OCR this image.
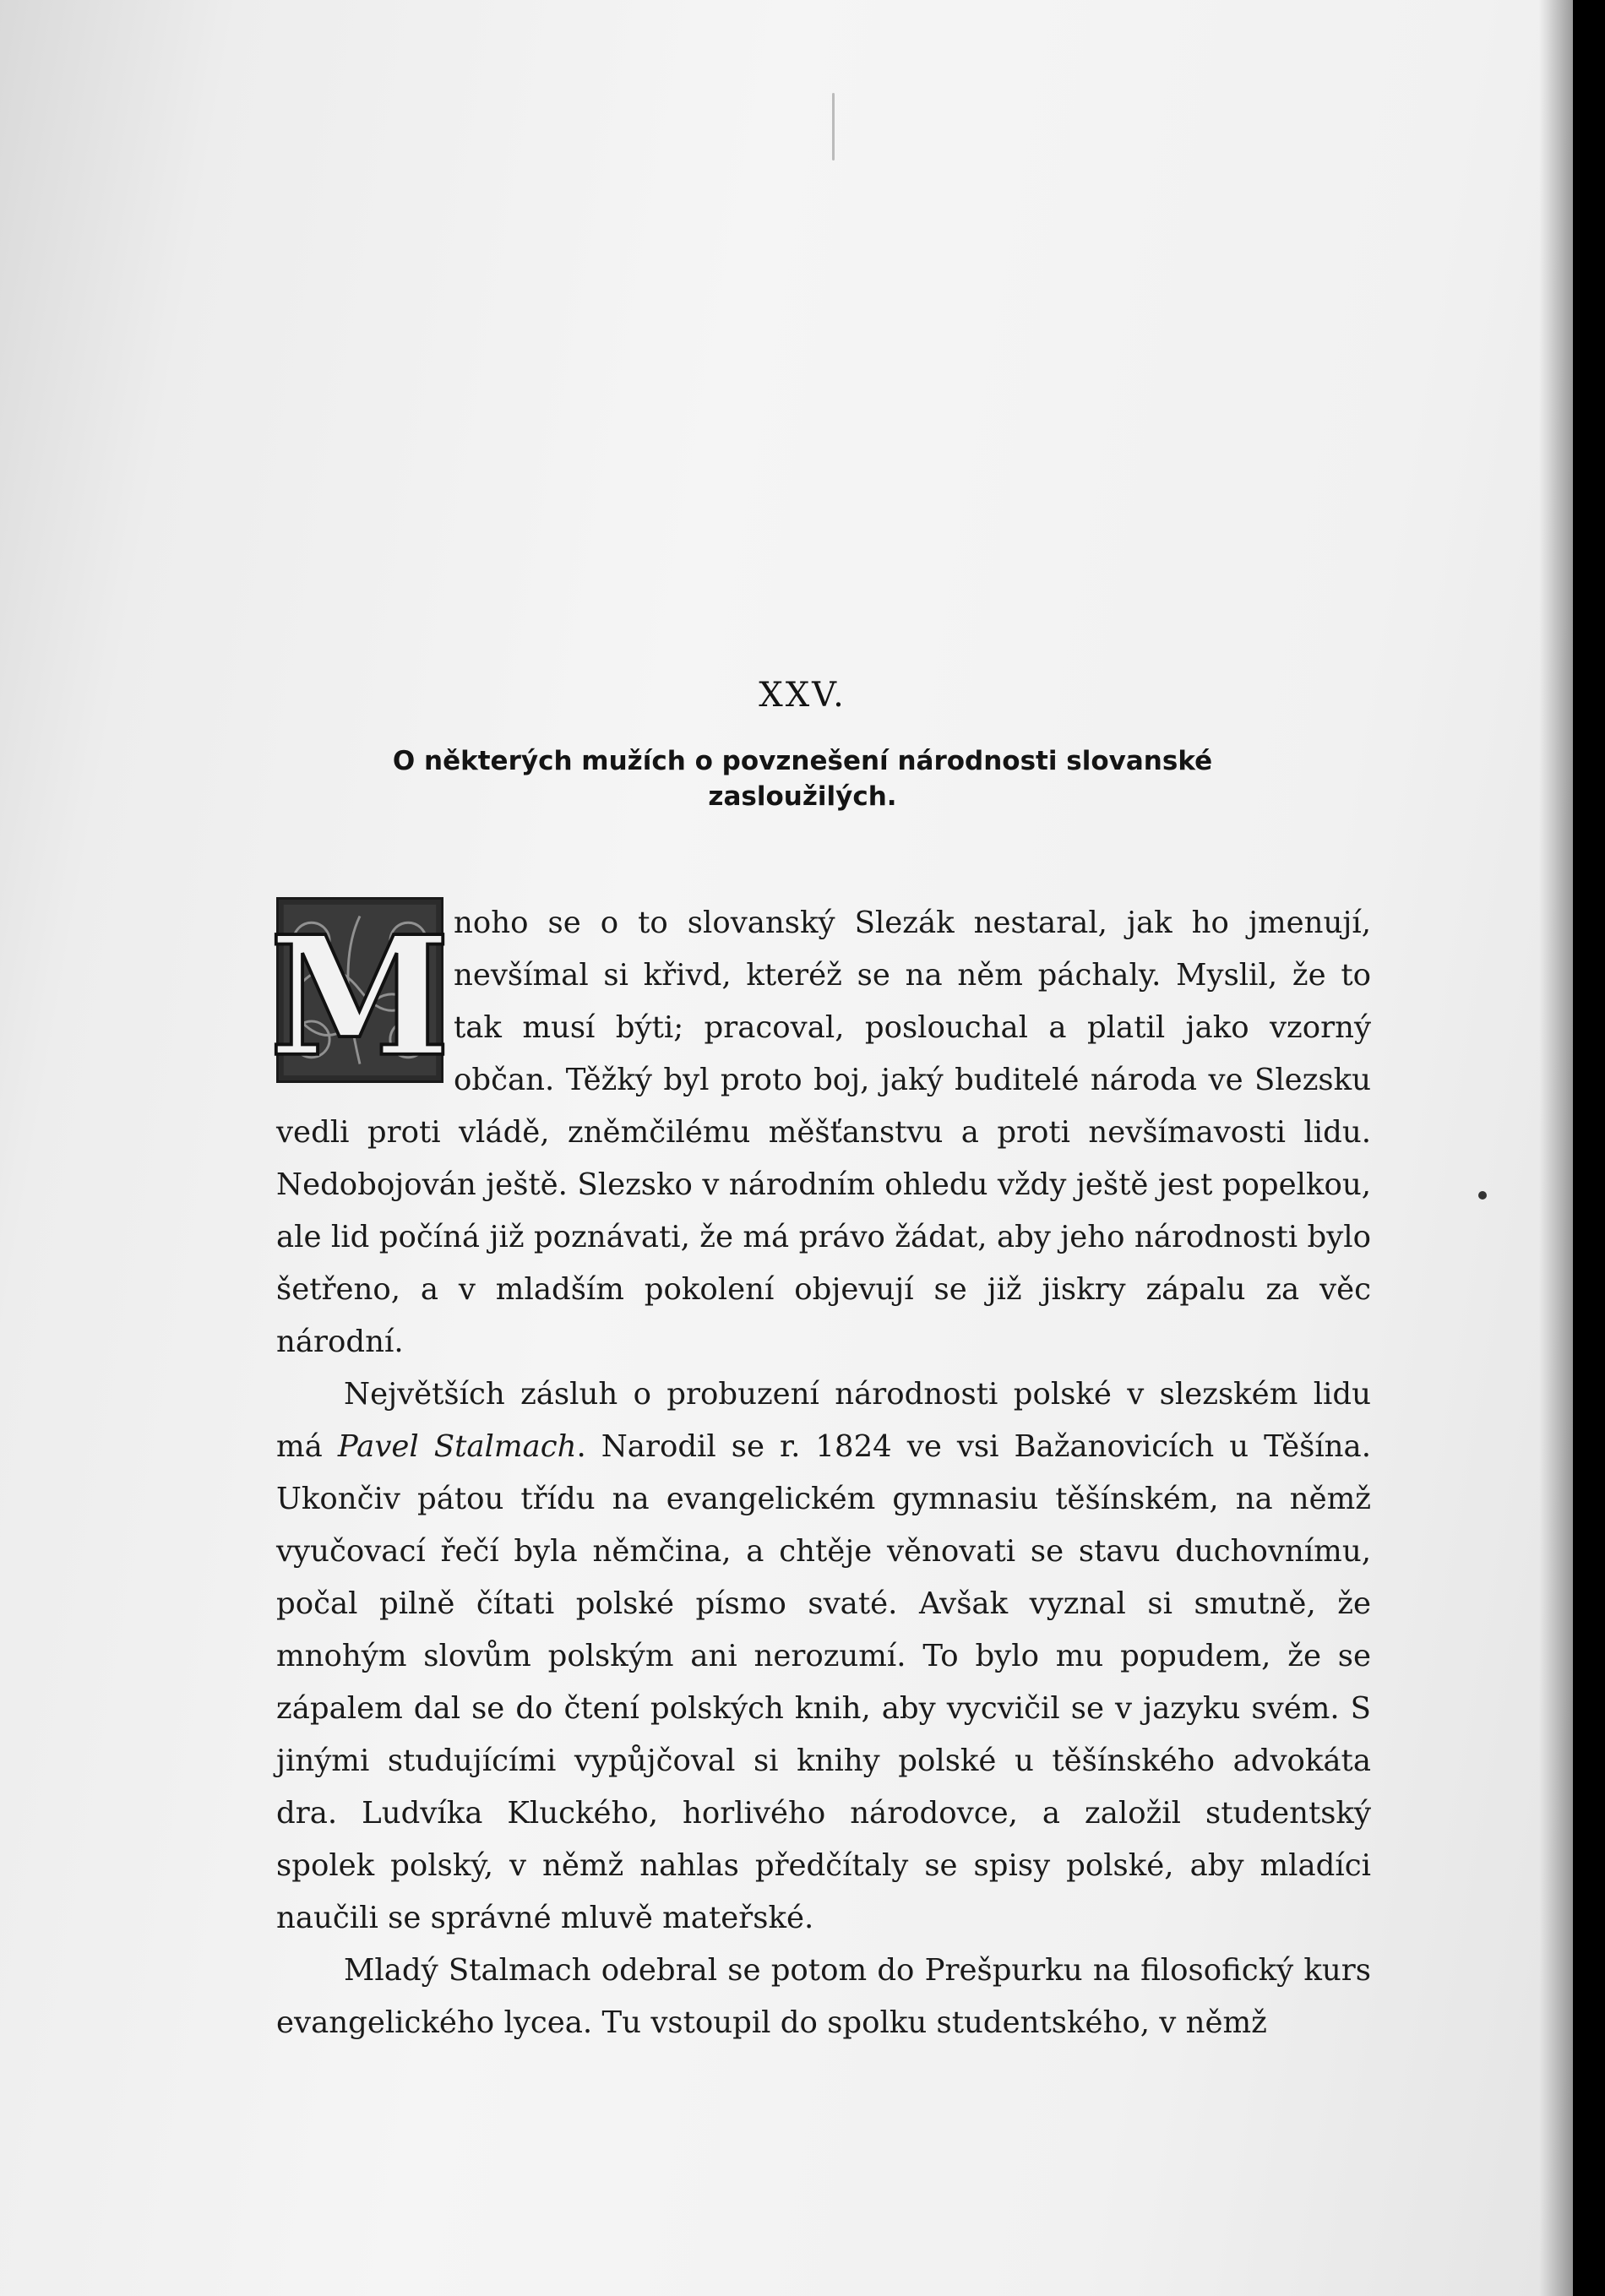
XXV.
O některých mužích o povznešení národnosti slovanské zasloužilých.

M noho se o to slovanský Slezák nestaral, jak ho jmenují, nevšímal si křivd, kteréž se na něm páchaly. Myslil, že to tak musí býti; pracoval, poslouchal a platil jako vzorný občan. Těžký byl proto boj, jaký buditelé národa ve Slezsku vedli proti vládě, zněmčilému měšťanstvu a proti nevšímavosti lidu. Nedobojován ještě. Slezsko v národním ohledu vždy ještě jest popelkou, ale lid počíná již poznávati, že má právo žádat, aby jeho národnosti bylo šetřeno, a v mladším pokolení objevují se již jiskry zápalu za věc národní.

Největších zásluh o probuzení národnosti polské v slezském lidu má Pavel Stalmach. Narodil se r. 1824 ve vsi Bažanovicích u Těšína. Ukončiv pátou třídu na evangelickém gymnasiu těšínském, na němž vyučovací řečí byla němčina, a chtěje věnovati se stavu duchovnímu, počal pilně čítati polské písmo svaté. Avšak vyznal si smutně, že mnohým slovům polským ani nerozumí. To bylo mu popudem, že se zápalem dal se do čtení polských knih, aby vycvičil se v jazyku svém. S jinými studujícími vypůjčoval si knihy polské u těšínského advokáta dra. Ludvíka Kluckého, horlivého národovce, a založil studentský spolek polský, v němž nahlas předčítaly se spisy polské, aby mladíci naučili se správné mluvě mateřské.

Mladý Stalmach odebral se potom do Prešpurku na filosofický kurs evangelického lycea. Tu vstoupil do spolku studentského, v němž
